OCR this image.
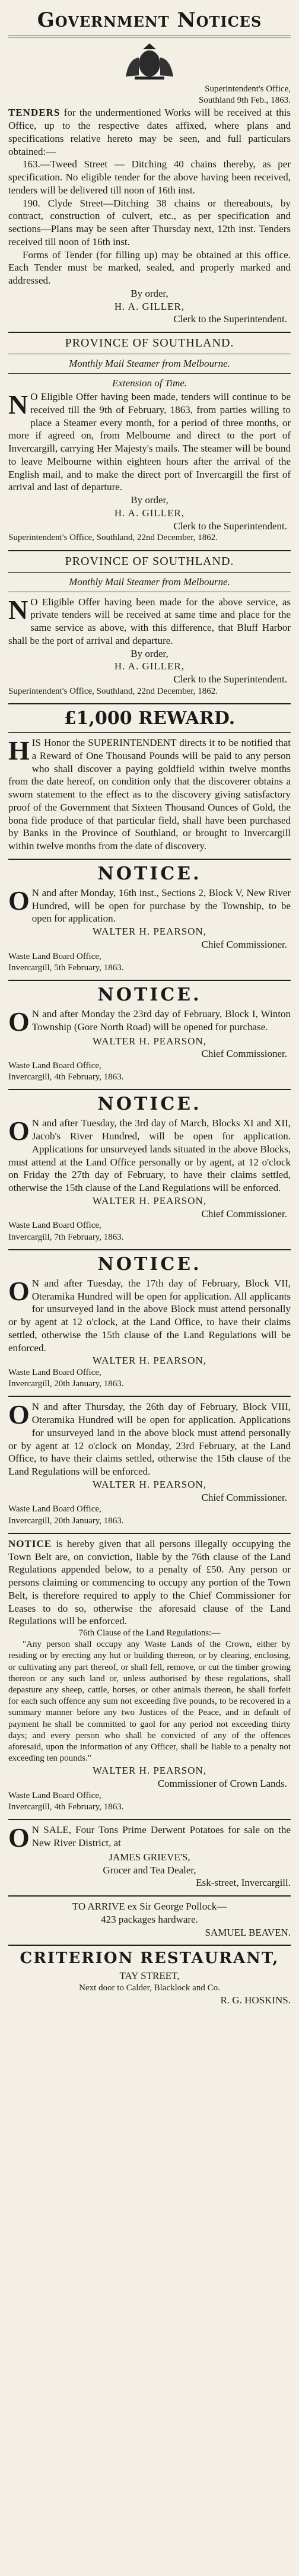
Government Notices

Superintendent's Office,

Southland 9th Feb., 1863.

TENDERS for the undermentioned Works will be received at this Office, up to the respective dates affixed, where plans and specifications relative hereto may be seen, and full particulars obtained:—

163.—Tweed Street — Ditching 40 chains thereby, as per specification. No eligible tender for the above having been received, tenders will be delivered till noon of 16th inst.

190. Clyde Street—Ditching 38 chains or thereabouts, by contract, construction of culvert, etc., as per specification and sections—Plans may be seen after Thursday next, 12th inst. Tenders received till noon of 16th inst.

Forms of Tender (for filling up) may be obtained at this office. Each Tender must be marked, sealed, and properly marked and addressed.

By order,

H. A. GILLER,

Clerk to the Superintendent.

PROVINCE OF SOUTHLAND.
Monthly Mail Steamer from Melbourne.
Extension of Time.

N O Eligible Offer having been made, tenders will continue to be received till the 9th of February, 1863, from parties willing to place a Steamer every month, for a period of three months, or more if agreed on, from Melbourne and direct to the port of Invercargill, carrying Her Majesty's mails. The steamer will be bound to leave Melbourne within eighteen hours after the arrival of the English mail, and to make the direct port of Invercargill the first of arrival and last of departure.

By order,

H. A. GILLER,

Clerk to the Superintendent.

Superintendent's Office, Southland, 22nd December, 1862.

PROVINCE OF SOUTHLAND.
Monthly Mail Steamer from Melbourne.

N O Eligible Offer having been made for the above service, as private tenders will be received at same time and place for the same service as above, with this difference, that Bluff Harbor shall be the port of arrival and departure.

By order,

H. A. GILLER,

Clerk to the Superintendent.

Superintendent's Office, Southland, 22nd December, 1862.

£1,000 REWARD.

HIS Honor the SUPERINTENDENT directs it to be notified that a Reward of One Thousand Pounds will be paid to any person who shall discover a paying goldfield within twelve months from the date hereof, on condition only that the discoverer obtains a sworn statement to the effect as to the discovery giving satisfactory proof of the Government that Sixteen Thousand Ounces of Gold, the bona fide produce of that particular field, shall have been purchased by Banks in the Province of Southland, or brought to Invercargill within twelve months from the date of discovery.

NOTICE.

O N and after Monday, 16th inst., Sections 2, Block V, New River Hundred, will be open for purchase by the Township, to be open for application.

WALTER H. PEARSON,

Chief Commissioner.

Waste Land Board Office,

Invercargill, 5th February, 1863.

NOTICE.

O N and after Monday the 23rd day of February, Block I, Winton Township (Gore North Road) will be opened for purchase.

WALTER H. PEARSON,

Chief Commissioner.

Waste Land Board Office,

Invercargill, 4th February, 1863.

NOTICE.

O N and after Tuesday, the 3rd day of March, Blocks XI and XII, Jacob's River Hundred, will be open for application. Applications for unsurveyed lands situated in the above Blocks, must attend at the Land Office personally or by agent, at 12 o'clock on Friday the 27th day of February, to have their claims settled, otherwise the 15th clause of the Land Regulations will be enforced.

WALTER H. PEARSON,

Chief Commissioner.

Waste Land Board Office,

Invercargill, 7th February, 1863.

NOTICE.

O N and after Tuesday, the 17th day of February, Block VII, Oteramika Hundred will be open for application. All applicants for unsurveyed land in the above Block must attend personally or by agent at 12 o'clock, at the Land Office, to have their claims settled, otherwise the 15th clause of the Land Regulations will be enforced.

WALTER H. PEARSON,

Waste Land Board Office,

Invercargill, 20th January, 1863.

O N and after Thursday, the 26th day of February, Block VIII, Oteramika Hundred will be open for application. Applications for unsurveyed land in the above block must attend personally or by agent at 12 o'clock on Monday, 23rd February, at the Land Office, to have their claims settled, otherwise the 15th clause of the Land Regulations will be enforced.

WALTER H. PEARSON,

Chief Commissioner.

Waste Land Board Office,

Invercargill, 20th January, 1863.

NOTICE is hereby given that all persons illegally occupying the Town Belt are, on conviction, liable by the 76th clause of the Land Regulations appended below, to a penalty of £50. Any person or persons claiming or commencing to occupy any portion of the Town Belt, is therefore required to apply to the Chief Commissioner for Leases to do so, otherwise the aforesaid clause of the Land Regulations will be enforced.

76th Clause of the Land Regulations:—

"Any person shall occupy any Waste Lands of the Crown, either by residing or by erecting any hut or building thereon, or by clearing, enclosing, or cultivating any part thereof, or shall fell, remove, or cut the timber growing thereon or any such land or, unless authorised by these regulations, shall depasture any sheep, cattle, horses, or other animals thereon, he shall forfeit for each such offence any sum not exceeding five pounds, to be recovered in a summary manner before any two Justices of the Peace, and in default of payment he shall be committed to gaol for any period not exceeding thirty days; and every person who shall be convicted of any of the offences aforesaid, upon the information of any Officer, shall be liable to a penalty not exceeding ten pounds."

WALTER H. PEARSON,

Commissioner of Crown Lands.

Waste Land Board Office,

Invercargill, 4th February, 1863.

O N SALE, Four Tons Prime Derwent Potatoes for sale on the New River District, at

JAMES GRIEVE'S,

Grocer and Tea Dealer,

Esk-street, Invercargill.

TO ARRIVE ex Sir George Pollock—

423 packages hardware.

SAMUEL BEAVEN.

CRITERION RESTAURANT,

TAY STREET,

Next door to Calder, Blacklock and Co.

R. G. HOSKINS.
